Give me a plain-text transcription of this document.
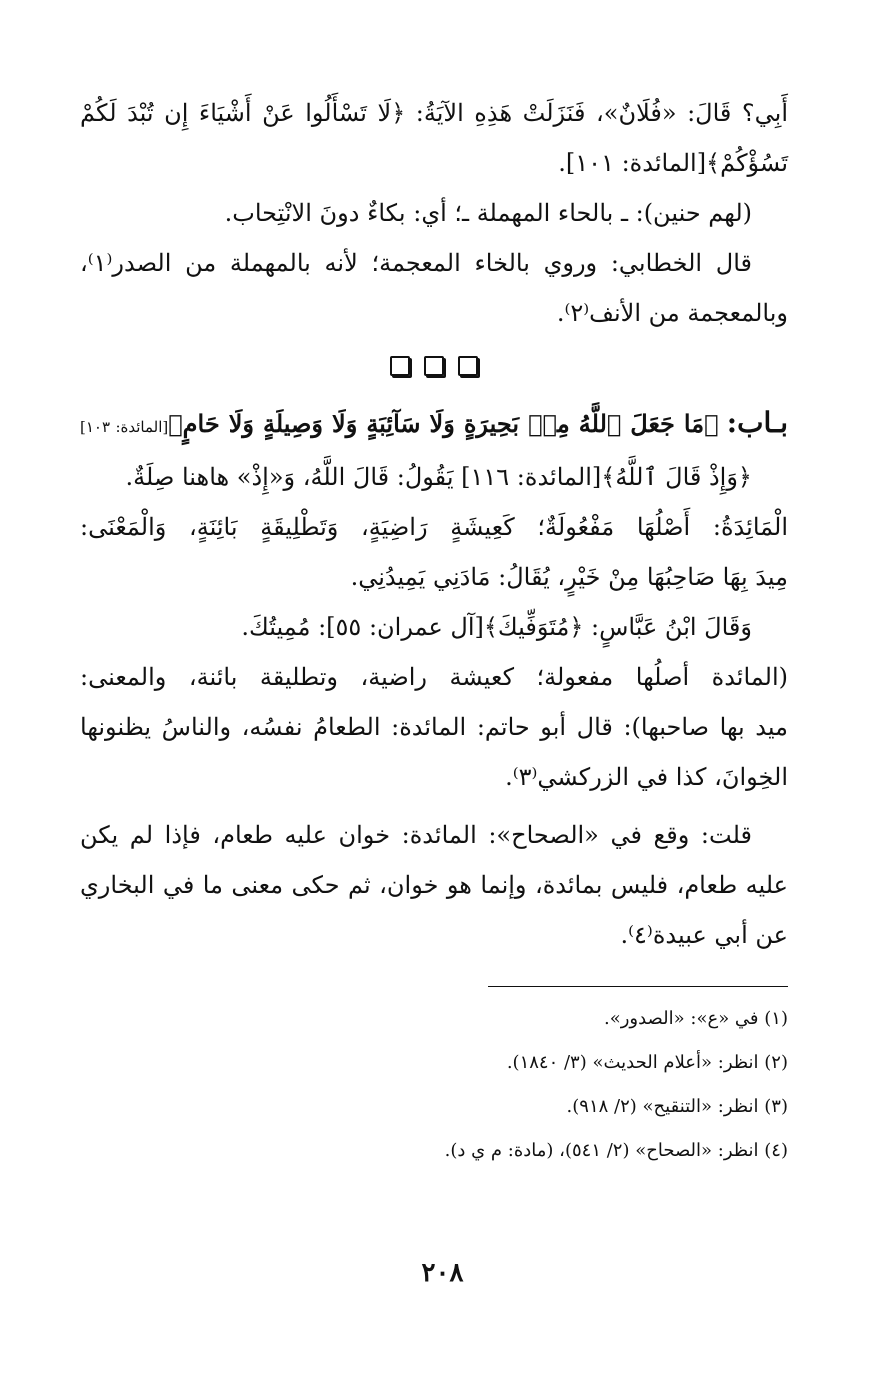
أَبِي؟ قَالَ: «فُلَانٌ»، فَنَزَلَتْ هَذِهِ الآيَةُ: ﴿لَا تَسْأَلُوا عَنْ أَشْيَاءَ إِن تُبْدَ لَكُمْ

تَسُؤْكُمْ﴾[المائدة: ١٠١].

(لهم حنين): ـ بالحاء المهملة ـ؛ أي: بكاءٌ دونَ الانْتِحاب.

قال الخطابي: وروي بالخاء المعجمة؛ لأنه بالمهملة من الصدر⁽١⁾،

وبالمعجمة من الأنف⁽٢⁾.

بـاب: ﴿مَا جَعَلَ ٱللَّهُ مِنۢ بَحِيرَةٍ وَلَا سَآئِبَةٍ وَلَا وَصِيلَةٍ وَلَا حَامٍ﴾[المائدة: ١٠٣]

﴿وَإِذْ قَالَ ٱللَّهُ﴾[المائدة: ١١٦] يَقُولُ: قَالَ اللَّهُ، وَ«إِذْ» هاهنا صِلَةٌ.

الْمَائِدَةُ: أَصْلُهَا مَفْعُولَةٌ؛ كَعِيشَةٍ رَاضِيَةٍ، وَتَطْلِيقَةٍ بَائِنَةٍ، وَالْمَعْنَى:

مِيدَ بِهَا صَاحِبُهَا مِنْ خَيْرٍ، يُقَالُ: مَادَنِي يَمِيدُنِي.

وَقَالَ ابْنُ عَبَّاسٍ: ﴿مُتَوَفِّيكَ﴾[آل عمران: ٥٥]: مُمِيتُكَ.

(المائدة أصلُها مفعولة؛ كعيشة راضية، وتطليقة بائنة، والمعنى:

ميد بها صاحبها): قال أبو حاتم: المائدة: الطعامُ نفسُه، والناسُ يظنونها

الخِوانَ، كذا في الزركشي⁽٣⁾.

قلت: وقع في «الصحاح»: المائدة: خوان عليه طعام، فإذا لم يكن

عليه طعام، فليس بمائدة، وإنما هو خوان، ثم حكى معنى ما في البخاري

عن أبي عبيدة⁽٤⁾.

(١) في «ع»: «الصدور».

(٢) انظر: «أعلام الحديث» (٣/ ١٨٤٠).

(٣) انظر: «التنقيح» (٢/ ٩١٨).

(٤) انظر: «الصحاح» (٢/ ٥٤١)، (مادة: م ي د).

٢٠٨
